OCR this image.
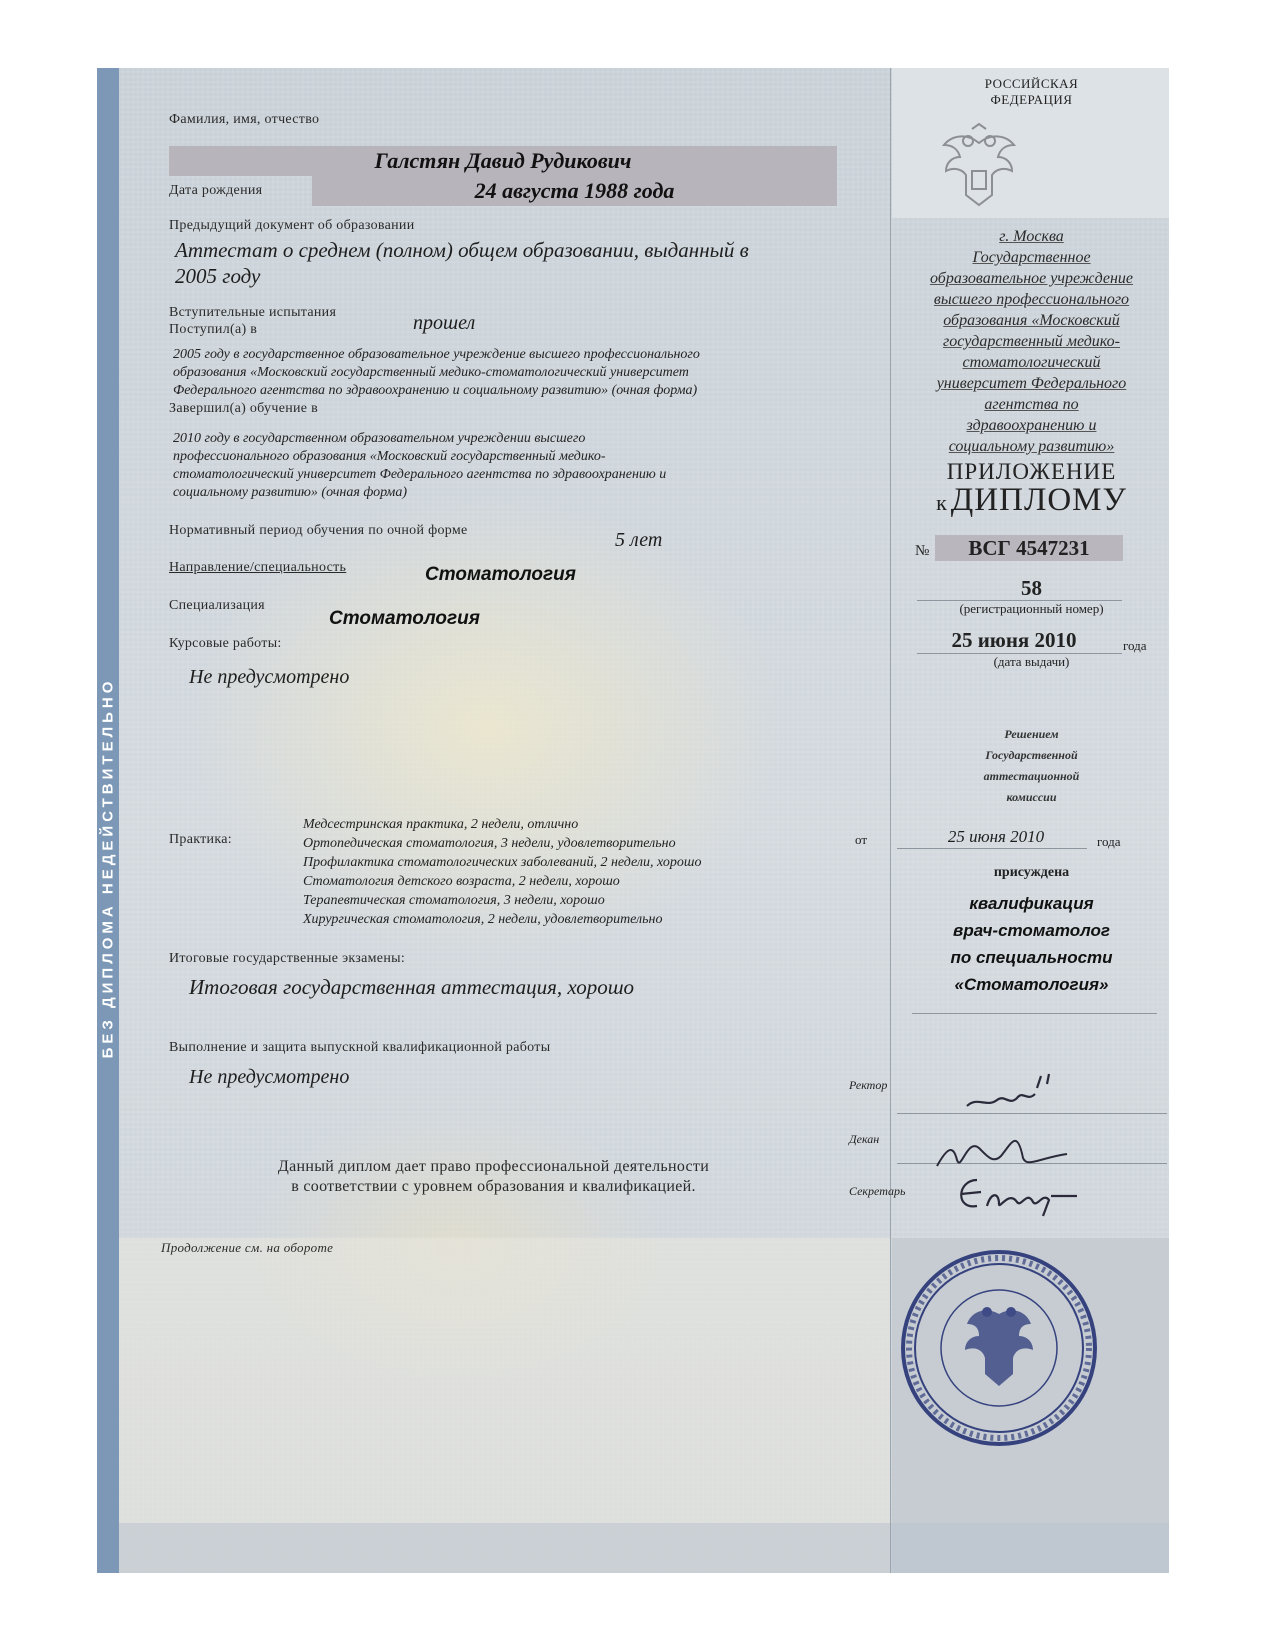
БЕЗ ДИПЛОМА НЕДЕЙСТВИТЕЛЬНО
Фамилия, имя, отчество
Галстян Давид Рудикович
Дата рождения	24 августа 1988 года
Предыдущий документ об образовании
Аттестат о среднем (полном) общем образовании, выданный в
2005 году
Вступительные испытания	прошел
Поступил(а) в
2005 году в государственное образовательное учреждение высшего профессионального
образования «Московский государственный медико-стоматологический университет
Федерального агентства по здравоохранению и социальному развитию» (очная форма)
Завершил(а) обучение в
2010 году в государственном образовательном учреждении высшего
профессионального образования «Московский государственный медико-
стоматологический университет Федерального агентства по здравоохранению и
социальному развитию» (очная форма)
Нормативный период обучения по очной форме	5 лет
Направление/специальность	Стоматология
Специализация
Стоматология
Курсовые работы:
Не предусмотрено
Практика:
Медсестринская практика, 2 недели, отлично
Ортопедическая стоматология, 3 недели, удовлетворительно
Профилактика стоматологических заболеваний, 2 недели, хорошо
Стоматология детского возраста, 2 недели, хорошо
Терапевтическая стоматология, 3 недели, хорошо
Хирургическая стоматология, 2 недели, удовлетворительно
Итоговые государственные экзамены:
Итоговая государственная аттестация, хорошо
Выполнение и защита выпускной квалификационной работы
Не предусмотрено
Данный диплом дает право профессиональной деятельности
в соответствии с уровнем образования и квалификацией.
Продолжение см. на обороте
РОССИЙСКАЯ
ФЕДЕРАЦИЯ
г. Москва
Государственное
образовательное учреждение
высшего профессионального
образования «Московский
государственный медико-
стоматологический
университет Федерального
агентства по
здравоохранению и
социальному развитию»
ПРИЛОЖЕНИЕ
к ДИПЛОМУ
№	ВСГ 4547231
58
(регистрационный номер)
25 июня 2010	года
(дата выдачи)
Решением
Государственной
аттестационной
комиссии
от	25 июня 2010	года
присуждена
квалификация
врач-стоматолог
по специальности
«Стоматология»
Ректор
Декан
Секретарь
